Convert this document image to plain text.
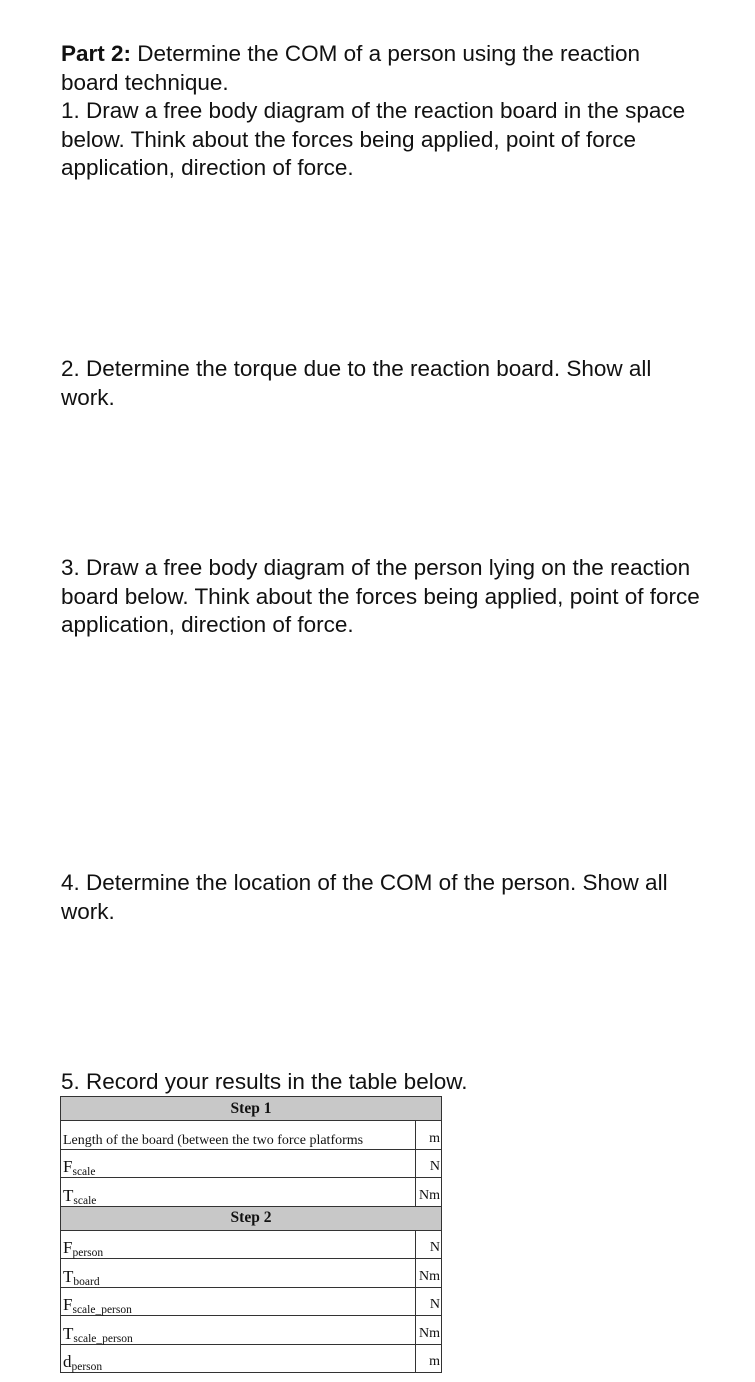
Part 2: Determine the COM of a person using the reaction board technique.
1. Draw a free body diagram of the reaction board in the space below. Think about the forces being applied, point of force application, direction of force.

2. Determine the torque due to the reaction board. Show all work.

3. Draw a free body diagram of the person lying on the reaction board below. Think about the forces being applied, point of force application, direction of force.

4. Determine the location of the COM of the person. Show all work.

5. Record your results in the table below.

Step 1	
Length of the board (between the two force platforms	m
$F_{scale}$	N
$T_{scale}$	Nm
Step 2	
$F_{person}$	N
$T_{board}$	Nm
$F_{scale\_person}$	N
$T_{scale\_person}$	Nm
$d_{person}$	m
